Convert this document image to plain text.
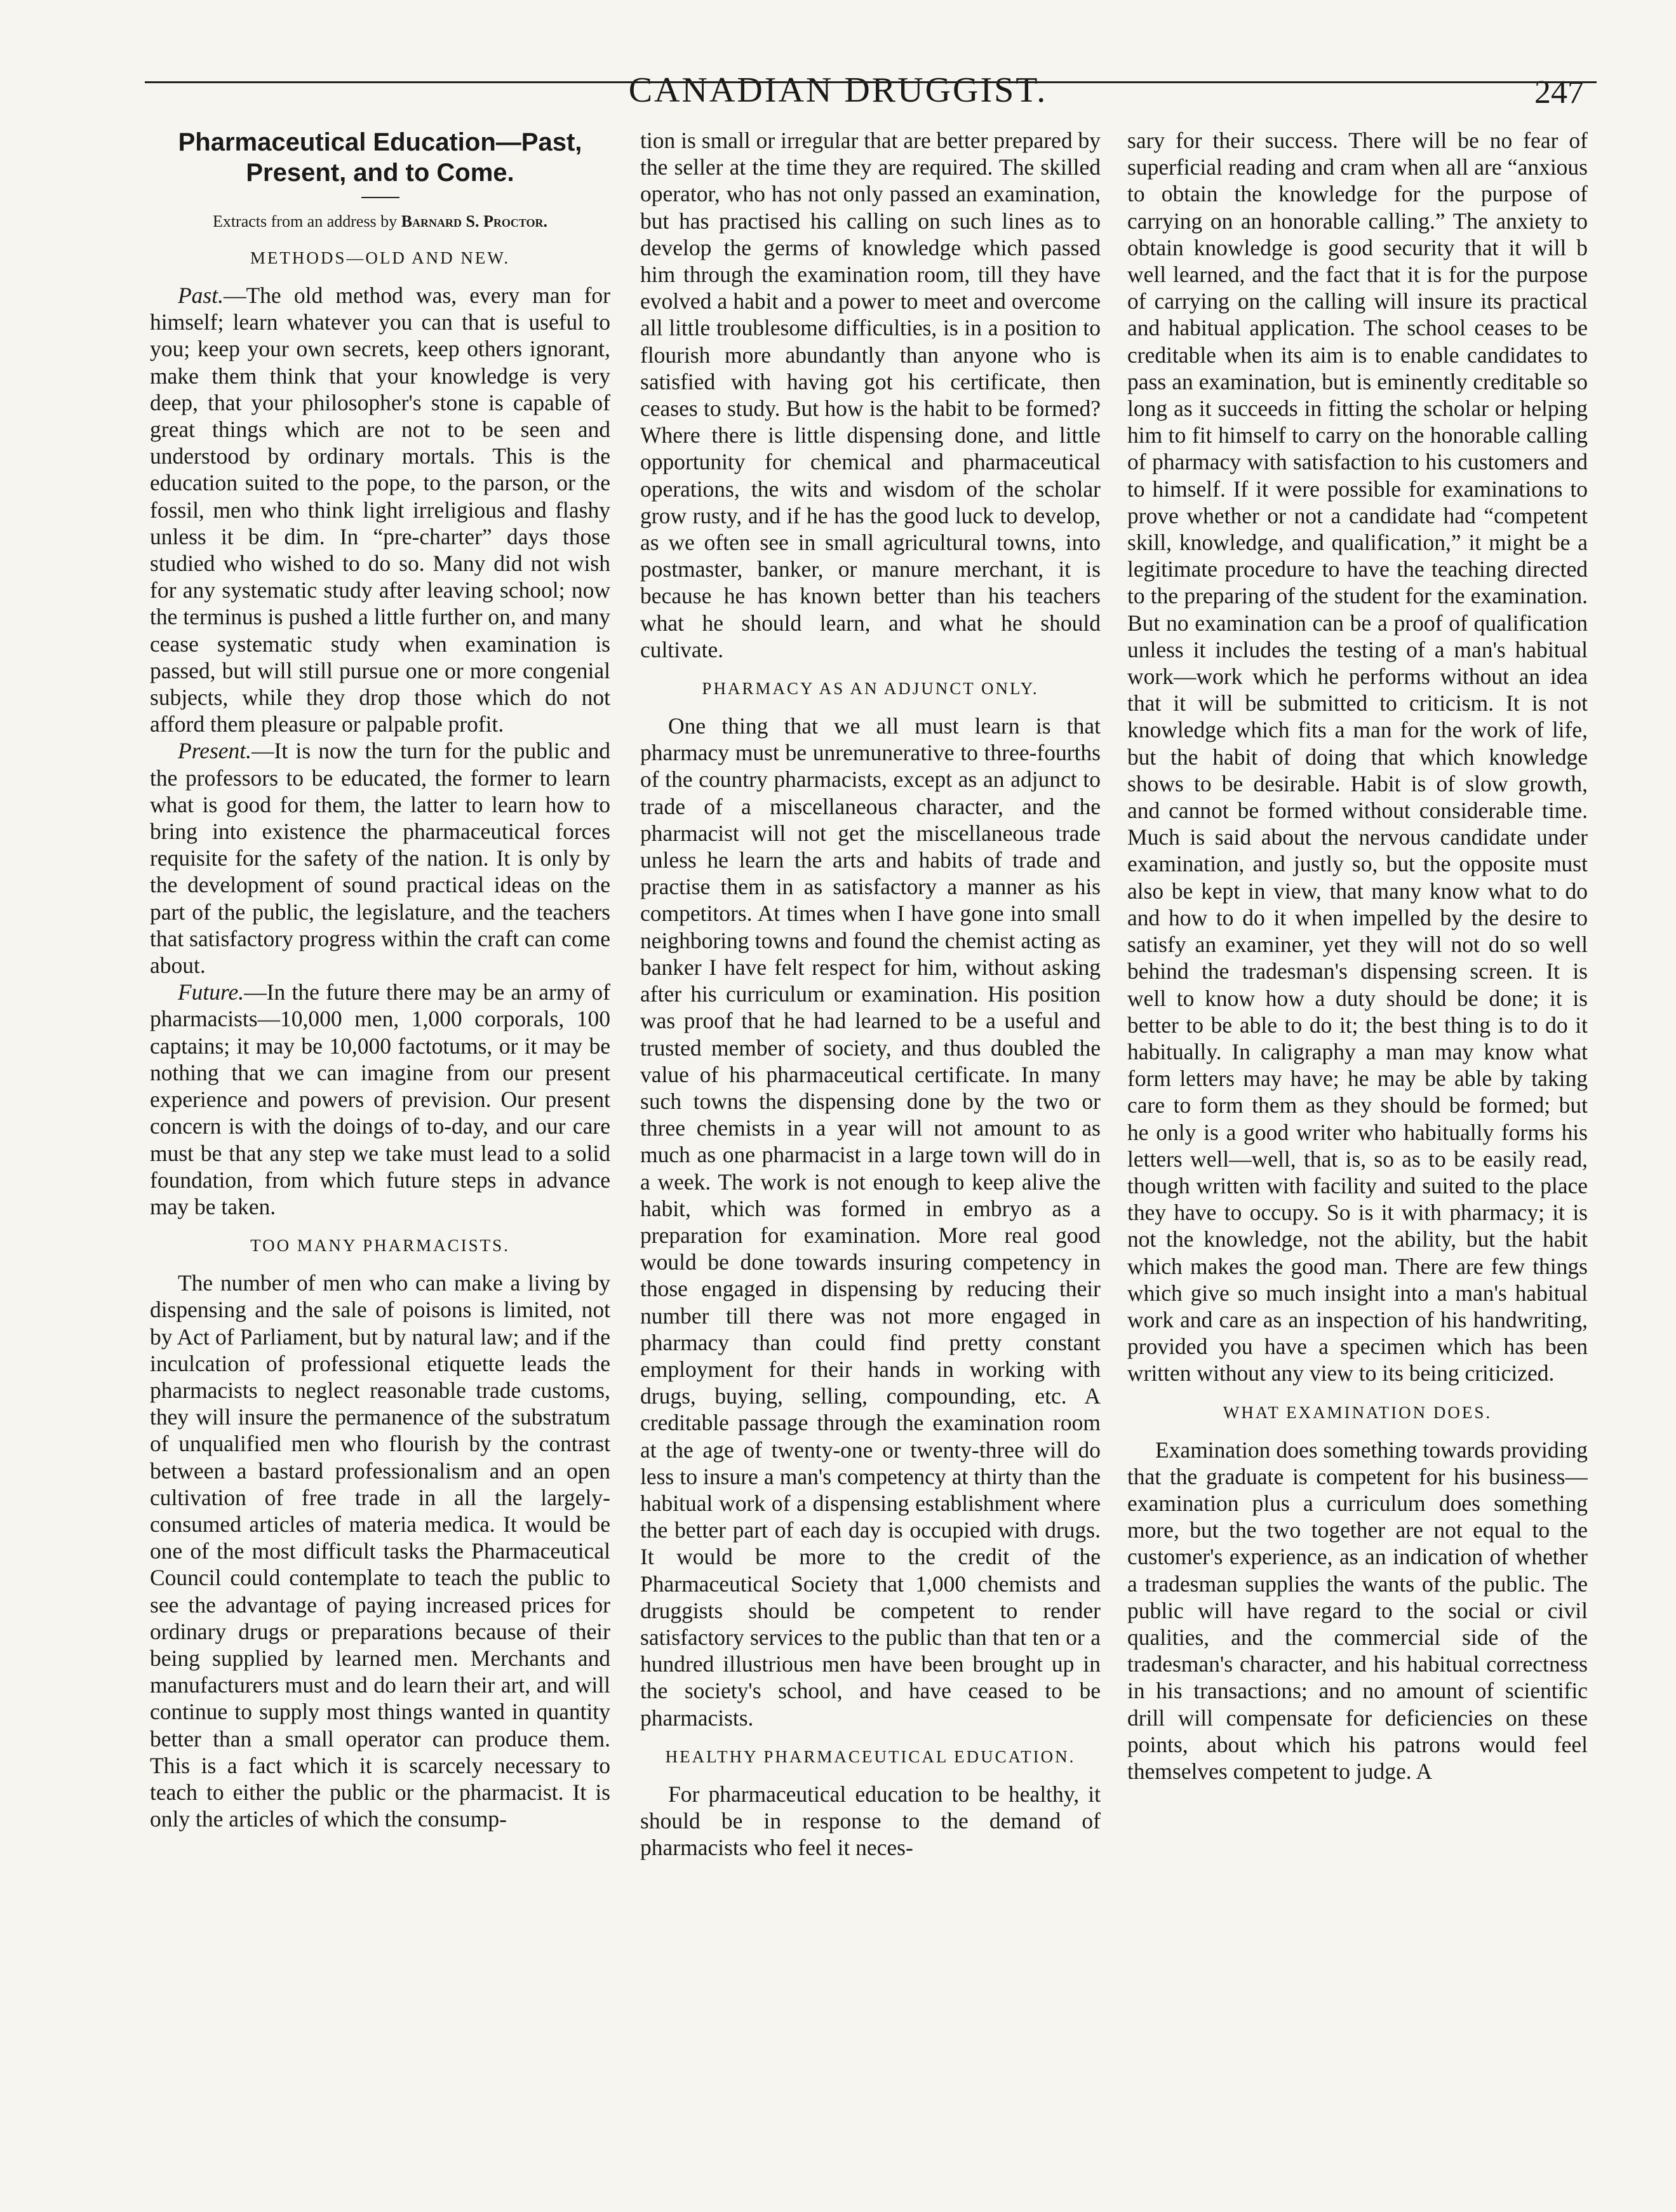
CANADIAN DRUGGIST.	247
Pharmaceutical Education—Past, Present, and to Come.
Extracts from an address by Barnard S. Proctor.
METHODS—OLD AND NEW.

Past.—The old method was, every man for himself; learn whatever you can that is useful to you; keep your own secrets, keep others ignorant, make them think that your knowledge is very deep, that your philosopher's stone is capable of great things which are not to be seen and understood by ordinary mortals. This is the education suited to the pope, to the parson, or the fossil, men who think light irreligious and flashy unless it be dim. In “pre-charter” days those studied who wished to do so. Many did not wish for any systematic study after leaving school; now the terminus is pushed a little further on, and many cease systematic study when examination is passed, but will still pursue one or more congenial subjects, while they drop those which do not afford them pleasure or palpable profit.

Present.—It is now the turn for the public and the professors to be educated, the former to learn what is good for them, the latter to learn how to bring into existence the pharmaceutical forces requisite for the safety of the nation. It is only by the development of sound practical ideas on the part of the public, the legislature, and the teachers that satisfactory progress within the craft can come about.

Future.—In the future there may be an army of pharmacists—10,000 men, 1,000 corporals, 100 captains; it may be 10,000 factotums, or it may be nothing that we can imagine from our present experience and powers of prevision. Our present concern is with the doings of to-day, and our care must be that any step we take must lead to a solid foundation, from which future steps in advance may be taken.

TOO MANY PHARMACISTS.

The number of men who can make a living by dispensing and the sale of poisons is limited, not by Act of Parliament, but by natural law; and if the inculcation of professional etiquette leads the pharmacists to neglect reasonable trade customs, they will insure the permanence of the substratum of unqualified men who flourish by the contrast between a bastard professionalism and an open cultivation of free trade in all the largely-consumed articles of materia medica. It would be one of the most difficult tasks the Pharmaceutical Council could contemplate to teach the public to see the advantage of paying increased prices for ordinary drugs or preparations because of their being supplied by learned men. Merchants and manufacturers must and do learn their art, and will continue to supply most things wanted in quantity better than a small operator can produce them. This is a fact which it is scarcely necessary to teach to either the public or the pharmacist. It is only the articles of which the consump-

tion is small or irregular that are better prepared by the seller at the time they are required. The skilled operator, who has not only passed an examination, but has practised his calling on such lines as to develop the germs of knowledge which passed him through the examination room, till they have evolved a habit and a power to meet and overcome all little troublesome difficulties, is in a position to flourish more abundantly than anyone who is satisfied with having got his certificate, then ceases to study. But how is the habit to be formed? Where there is little dispensing done, and little opportunity for chemical and pharmaceutical operations, the wits and wisdom of the scholar grow rusty, and if he has the good luck to develop, as we often see in small agricultural towns, into postmaster, banker, or manure merchant, it is because he has known better than his teachers what he should learn, and what he should cultivate.

PHARMACY AS AN ADJUNCT ONLY.

One thing that we all must learn is that pharmacy must be unremunerative to three-fourths of the country pharmacists, except as an adjunct to trade of a miscellaneous character, and the pharmacist will not get the miscellaneous trade unless he learn the arts and habits of trade and practise them in as satisfactory a manner as his competitors. At times when I have gone into small neighboring towns and found the chemist acting as banker I have felt respect for him, without asking after his curriculum or examination. His position was proof that he had learned to be a useful and trusted member of society, and thus doubled the value of his pharmaceutical certificate. In many such towns the dispensing done by the two or three chemists in a year will not amount to as much as one pharmacist in a large town will do in a week. The work is not enough to keep alive the habit, which was formed in embryo as a preparation for examination. More real good would be done towards insuring competency in those engaged in dispensing by reducing their number till there was not more engaged in pharmacy than could find pretty constant employment for their hands in working with drugs, buying, selling, compounding, etc. A creditable passage through the examination room at the age of twenty-one or twenty-three will do less to insure a man's competency at thirty than the habitual work of a dispensing establishment where the better part of each day is occupied with drugs. It would be more to the credit of the Pharmaceutical Society that 1,000 chemists and druggists should be competent to render satisfactory services to the public than that ten or a hundred illustrious men have been brought up in the society's school, and have ceased to be pharmacists.

HEALTHY PHARMACEUTICAL EDUCATION.

For pharmaceutical education to be healthy, it should be in response to the demand of pharmacists who feel it neces-

sary for their success. There will be no fear of superficial reading and cram when all are “anxious to obtain the knowledge for the purpose of carrying on an honorable calling.” The anxiety to obtain knowledge is good security that it will b well learned, and the fact that it is for the purpose of carrying on the calling will insure its practical and habitual application. The school ceases to be creditable when its aim is to enable candidates to pass an examination, but is eminently creditable so long as it succeeds in fitting the scholar or helping him to fit himself to carry on the honorable calling of pharmacy with satisfaction to his customers and to himself. If it were possible for examinations to prove whether or not a candidate had “competent skill, knowledge, and qualification,” it might be a legitimate procedure to have the teaching directed to the preparing of the student for the examination. But no examination can be a proof of qualification unless it includes the testing of a man's habitual work—work which he performs without an idea that it will be submitted to criticism. It is not knowledge which fits a man for the work of life, but the habit of doing that which knowledge shows to be desirable. Habit is of slow growth, and cannot be formed without considerable time. Much is said about the nervous candidate under examination, and justly so, but the opposite must also be kept in view, that many know what to do and how to do it when impelled by the desire to satisfy an examiner, yet they will not do so well behind the tradesman's dispensing screen. It is well to know how a duty should be done; it is better to be able to do it; the best thing is to do it habitually. In caligraphy a man may know what form letters may have; he may be able by taking care to form them as they should be formed; but he only is a good writer who habitually forms his letters well—well, that is, so as to be easily read, though written with facility and suited to the place they have to occupy. So is it with pharmacy; it is not the knowledge, not the ability, but the habit which makes the good man. There are few things which give so much insight into a man's habitual work and care as an inspection of his handwriting, provided you have a specimen which has been written without any view to its being criticized.

WHAT EXAMINATION DOES.

Examination does something towards providing that the graduate is competent for his business—examination plus a curriculum does something more, but the two together are not equal to the customer's experience, as an indication of whether a tradesman supplies the wants of the public. The public will have regard to the social or civil qualities, and the commercial side of the tradesman's character, and his habitual correctness in his transactions; and no amount of scientific drill will compensate for deficiencies on these points, about which his patrons would feel themselves competent to judge. A
